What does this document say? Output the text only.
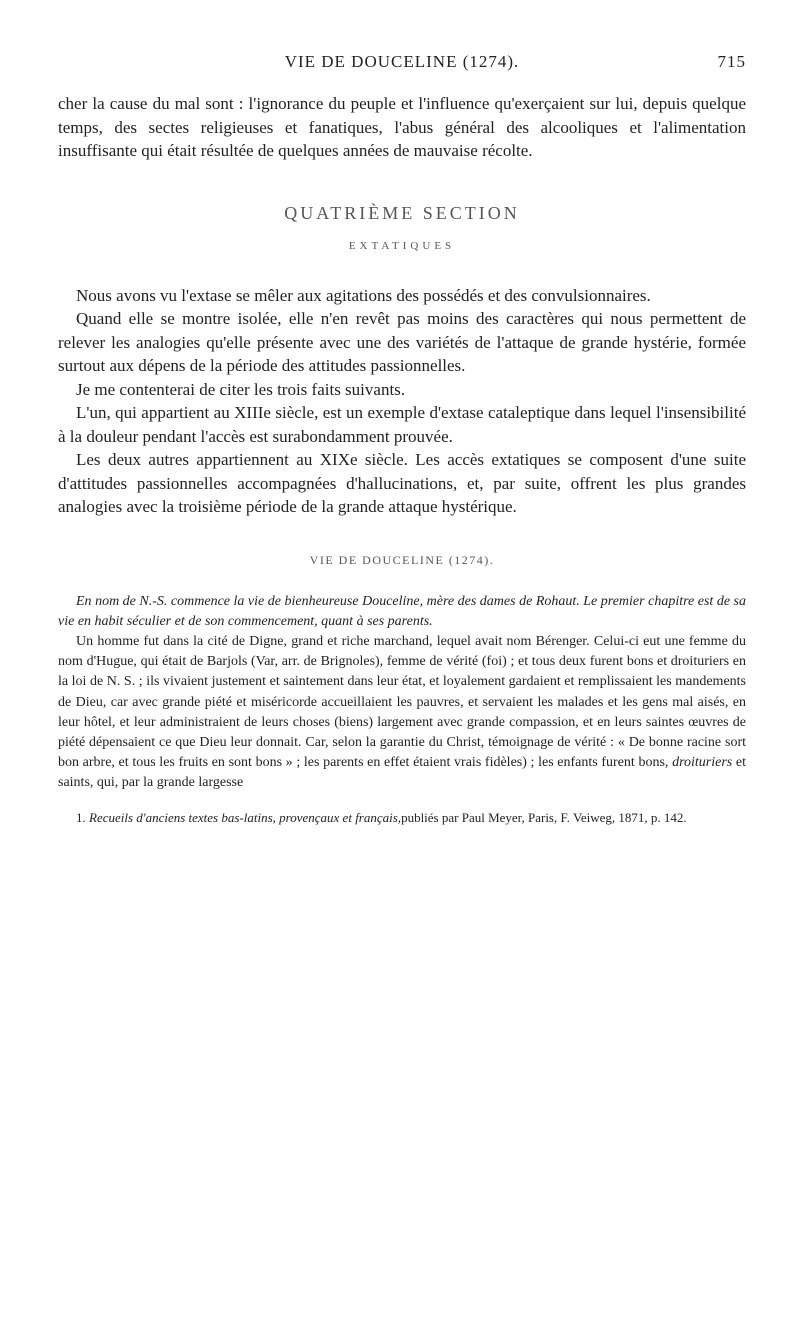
VIE DE DOUCELINE (1274).	715

cher la cause du mal sont : l'ignorance du peuple et l'influence qu'exerçaient sur lui, depuis quelque temps, des sectes religieuses et fanatiques, l'abus général des alcooliques et l'alimentation insuffisante qui était résultée de quelques années de mauvaise récolte.

QUATRIÈME SECTION
EXTATIQUES

Nous avons vu l'extase se mêler aux agitations des possédés et des convulsionnaires.

Quand elle se montre isolée, elle n'en revêt pas moins des caractères qui nous permettent de relever les analogies qu'elle présente avec une des variétés de l'attaque de grande hystérie, formée surtout aux dépens de la période des attitudes passionnelles.

Je me contenterai de citer les trois faits suivants.

L'un, qui appartient au XIIIe siècle, est un exemple d'extase cataleptique dans lequel l'insensibilité à la douleur pendant l'accès est surabondamment prouvée.

Les deux autres appartiennent au XIXe siècle. Les accès extatiques se composent d'une suite d'attitudes passionnelles accompagnées d'hallucinations, et, par suite, offrent les plus grandes analogies avec la troisième période de la grande attaque hystérique.

VIE DE DOUCELINE (1274).

En nom de N.-S. commence la vie de bienheureuse Douceline, mère des dames de Rohaut. Le premier chapitre est de sa vie en habit séculier et de son commencement, quant à ses parents.

Un homme fut dans la cité de Digne, grand et riche marchand, lequel avait nom Bérenger. Celui-ci eut une femme du nom d'Hugue, qui était de Barjols (Var, arr. de Brignoles), femme de vérité (foi) ; et tous deux furent bons et droituriers en la loi de N. S. ; ils vivaient justement et saintement dans leur état, et loyalement gardaient et remplissaient les mandements de Dieu, car avec grande piété et miséricorde accueillaient les pauvres, et servaient les malades et les gens mal aisés, en leur hôtel, et leur administraient de leurs choses (biens) largement avec grande compassion, et en leurs saintes œuvres de piété dépensaient ce que Dieu leur donnait. Car, selon la garantie du Christ, témoignage de vérité : « De bonne racine sort bon arbre, et tous les fruits en sont bons » ; les parents en effet étaient vrais fidèles) ; les enfants furent bons, droituriers et saints, qui, par la grande largesse

1. Recueils d'anciens textes bas-latins, provençaux et français,publiés par Paul Meyer, Paris, F. Veiweg, 1871, p. 142.
